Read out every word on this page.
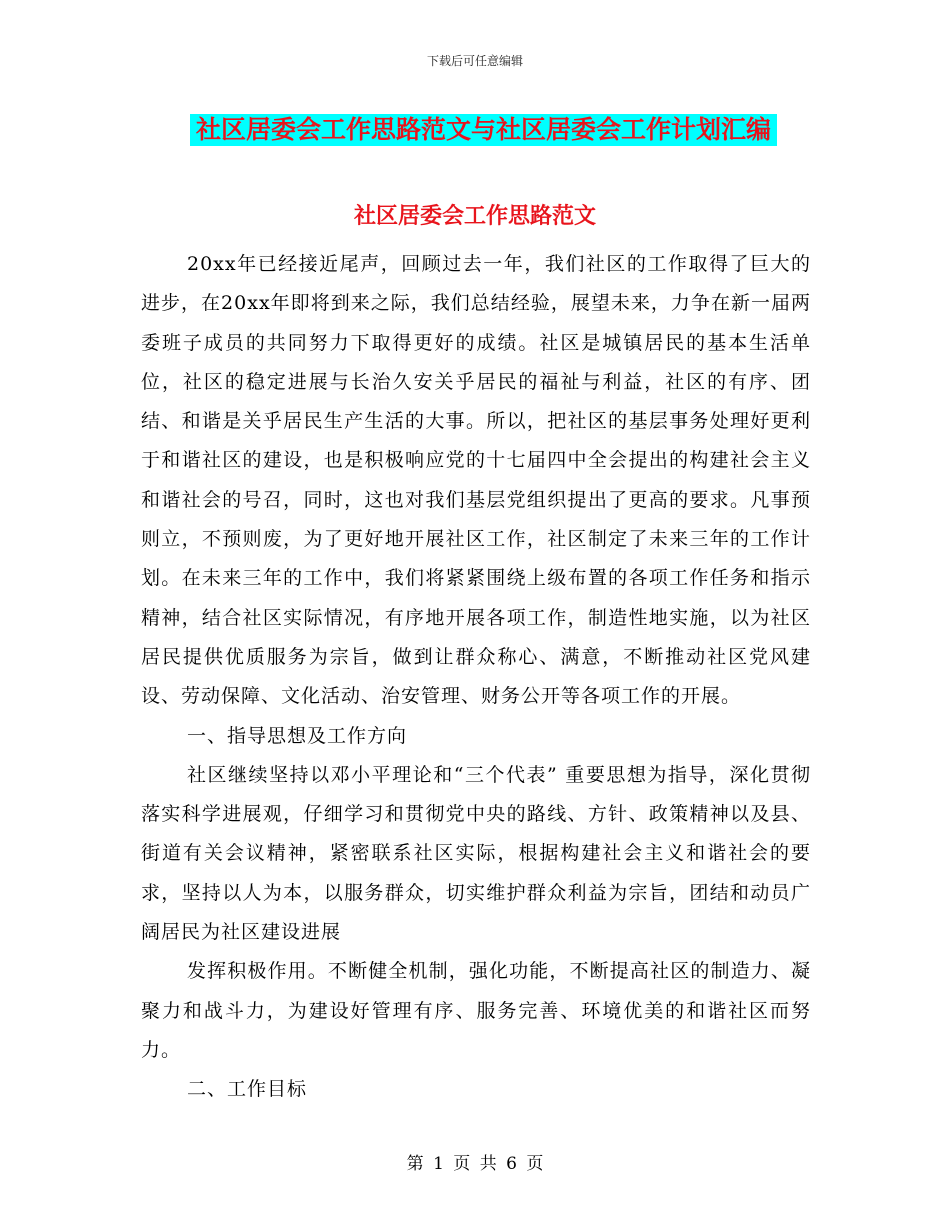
下载后可任意编辑
社区居委会工作思路范文与社区居委会工作计划汇编
社区居委会工作思路范文

20xx年已经接近尾声，回顾过去一年，我们社区的工作取得了巨大的进步，在20xx年即将到来之际，我们总结经验，展望未来，力争在新一届两委班子成员的共同努力下取得更好的成绩。社区是城镇居民的基本生活单位，社区的稳定进展与长治久安关乎居民的福祉与利益，社区的有序、团结、和谐是关乎居民生产生活的大事。所以，把社区的基层事务处理好更利于和谐社区的建设，也是积极响应党的十七届四中全会提出的构建社会主义和谐社会的号召，同时，这也对我们基层党组织提出了更高的要求。凡事预则立，不预则废，为了更好地开展社区工作，社区制定了未来三年的工作计划。在未来三年的工作中，我们将紧紧围绕上级布置的各项工作任务和指示精神，结合社区实际情况，有序地开展各项工作，制造性地实施，以为社区居民提供优质服务为宗旨，做到让群众称心、满意，不断推动社区党风建设、劳动保障、文化活动、治安管理、财务公开等各项工作的开展。

一、指导思想及工作方向

社区继续坚持以邓小平理论和“三个代表” 重要思想为指导，深化贯彻落实科学进展观，仔细学习和贯彻党中央的路线、方针、政策精神以及县、街道有关会议精神，紧密联系社区实际，根据构建社会主义和谐社会的要求，坚持以人为本，以服务群众，切实维护群众利益为宗旨，团结和动员广阔居民为社区建设进展

发挥积极作用。不断健全机制，强化功能，不断提高社区的制造力、凝聚力和战斗力，为建设好管理有序、服务完善、环境优美的和谐社区而努力。

二、工作目标

第 1 页 共 6 页
